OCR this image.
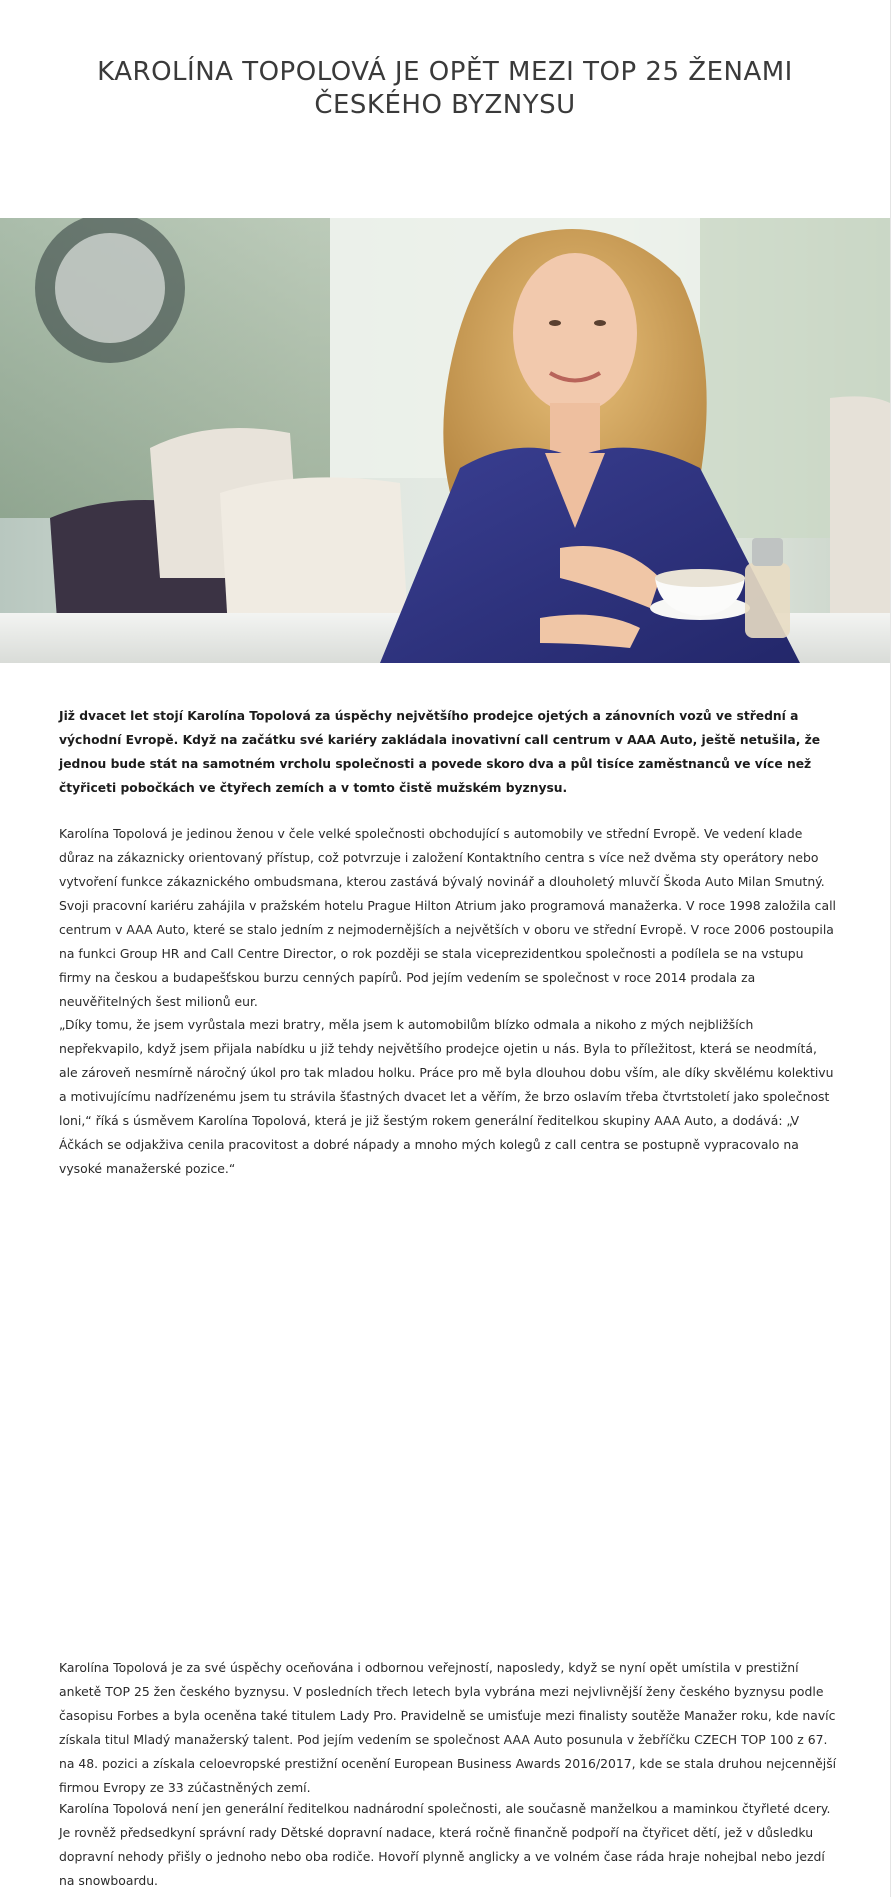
KAROLÍNA TOPOLOVÁ JE OPĚT MEZI TOP 25 ŽENAMI ČESKÉHO BYZNYSU

Již dvacet let stojí Karolína Topolová za úspěchy největšího prodejce ojetých a zánovních vozů ve střední a východní Evropě. Když na začátku své kariéry zakládala inovativní call centrum v AAA Auto, ještě netušila, že jednou bude stát na samotném vrcholu společnosti a povede skoro dva a půl tisíce zaměstnanců ve více než čtyřiceti pobočkách ve čtyřech zemích a v tomto čistě mužském byznysu.

Karolína Topolová je jedinou ženou v čele velké společnosti obchodující s automobily ve střední Evropě. Ve vedení klade důraz na zákaznicky orientovaný přístup, což potvrzuje i založení Kontaktního centra s více než dvěma sty operátory nebo vytvoření funkce zákaznického ombudsmana, kterou zastává bývalý novinář a dlouholetý mluvčí Škoda Auto Milan Smutný. Svoji pracovní kariéru zahájila v pražském hotelu Prague Hilton Atrium jako programová manažerka. V roce 1998 založila call centrum v AAA Auto, které se stalo jedním z nejmodernějších a největších v oboru ve střední Evropě. V roce 2006 postoupila na funkci Group HR and Call Centre Director, o rok později se stala viceprezidentkou společnosti a podílela se na vstupu firmy na českou a budapešťskou burzu cenných papírů. Pod jejím vedením se společnost v roce 2014 prodala za neuvěřitelných šest milionů eur.

„Díky tomu, že jsem vyrůstala mezi bratry, měla jsem k automobilům blízko odmala a nikoho z mých nejbližších nepřekvapilo, když jsem přijala nabídku u již tehdy největšího prodejce ojetin u nás. Byla to příležitost, která se neodmítá, ale zároveň nesmírně náročný úkol pro tak mladou holku. Práce pro mě byla dlouhou dobu vším, ale díky skvělému kolektivu a motivujícímu nadřízenému jsem tu strávila šťastných dvacet let a věřím, že brzo oslavím třeba čtvrtstoletí jako společnost loni,“ říká s úsměvem Karolína Topolová, která je již šestým rokem generální ředitelkou skupiny AAA Auto, a dodává: „V Áčkách se odjakživa cenila pracovitost a dobré nápady a mnoho mých kolegů z call centra se postupně vypracovalo na vysoké manažerské pozice.“

Karolína Topolová je za své úspěchy oceňována i odbornou veřejností, naposledy, když se nyní opět umístila v prestižní anketě TOP 25 žen českého byznysu. V posledních třech letech byla vybrána mezi nejvlivnější ženy českého byznysu podle časopisu Forbes a byla oceněna také titulem Lady Pro. Pravidelně se umisťuje mezi finalisty soutěže Manažer roku, kde navíc získala titul Mladý manažerský talent. Pod jejím vedením se společnost AAA Auto posunula v žebříčku CZECH TOP 100 z 67. na 48. pozici a získala celoevropské prestižní ocenění European Business Awards 2016/2017, kde se stala druhou nejcennější firmou Evropy ze 33 zúčastněných zemí.

Karolína Topolová není jen generální ředitelkou nadnárodní společnosti, ale současně manželkou a maminkou čtyřleté dcery. Je rovněž předsedkyní správní rady Dětské dopravní nadace, která ročně finančně podpoří na čtyřicet dětí, jež v důsledku dopravní nehody přišly o jednoho nebo oba rodiče. Hovoří plynně anglicky a ve volném čase ráda hraje nohejbal nebo jezdí na snowboardu.
